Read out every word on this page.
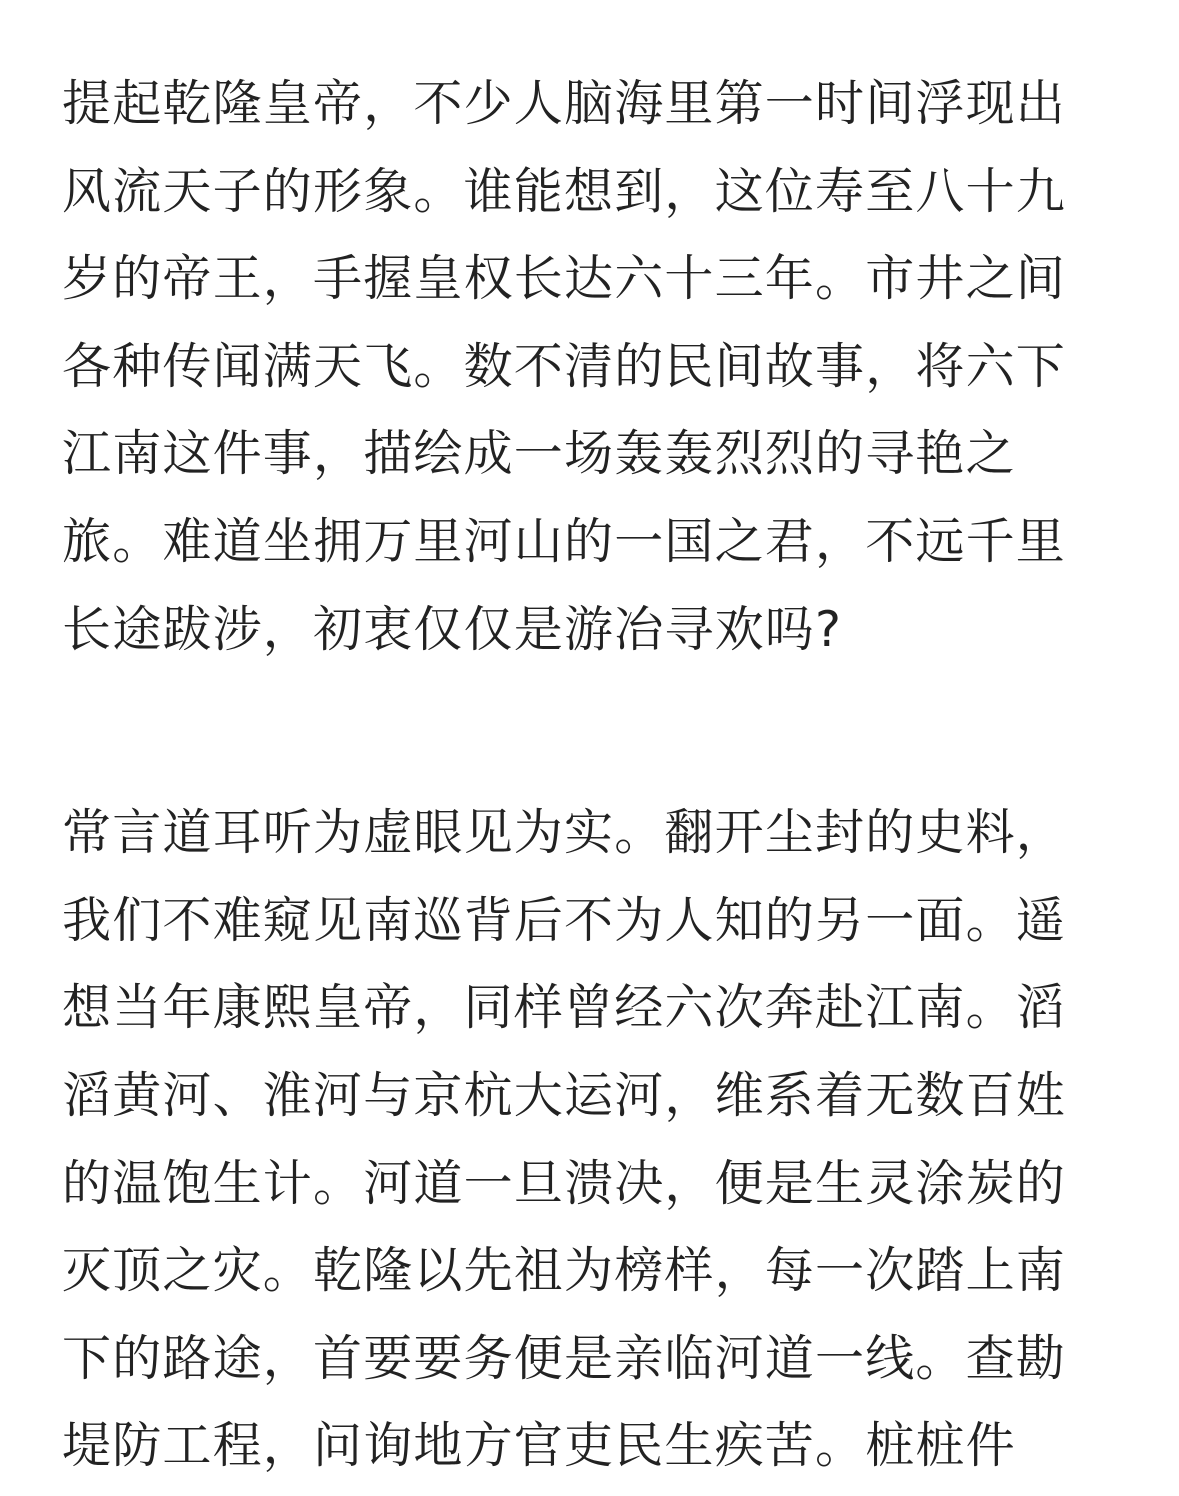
提起乾隆皇帝，不少人脑海里第一时间浮现出
风流天子的形象。谁能想到，这位寿至八十九
岁的帝王，手握皇权长达六十三年。市井之间
各种传闻满天飞。数不清的民间故事，将六下
江南这件事，描绘成一场轰轰烈烈的寻艳之
旅。难道坐拥万里河山的一国之君，不远千里
长途跋涉，初衷仅仅是游冶寻欢吗?
常言道耳听为虚眼见为实。翻开尘封的史料，
我们不难窥见南巡背后不为人知的另一面。遥
想当年康熙皇帝，同样曾经六次奔赴江南。滔
滔黄河、淮河与京杭大运河，维系着无数百姓
的温饱生计。河道一旦溃决，便是生灵涂炭的
灭顶之灾。乾隆以先祖为榜样，每一次踏上南
下的路途，首要要务便是亲临河道一线。查勘
堤防工程，问询地方官吏民生疾苦。桩桩件
